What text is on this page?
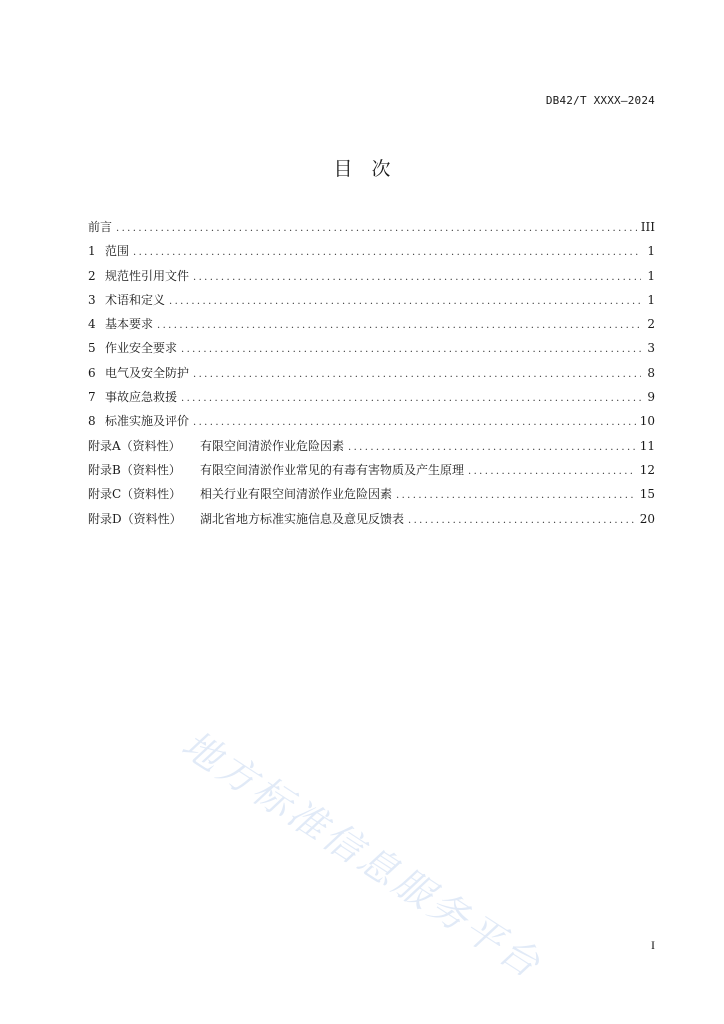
DB42/T XXXX—2024
目　次
前言 .....	III
1 范围 .....	1
2 规范性引用文件 .....	1
3 术语和定义 .....	1
4 基本要求 .....	2
5 作业安全要求 .....	3
6 电气及安全防护 .....	8
7 事故应急救援 .....	9
8 标准实施及评价 .....	10
附录A（资料性）	有限空间清淤作业危险因素 .....	11
附录B（资料性）	有限空间清淤作业常见的有毒有害物质及产生原理 .....	12
附录C（资料性）	相关行业有限空间清淤作业危险因素 .....	15
附录D（资料性）	湖北省地方标准实施信息及意见反馈表 .....	20
地方标准信息服务平台	I
